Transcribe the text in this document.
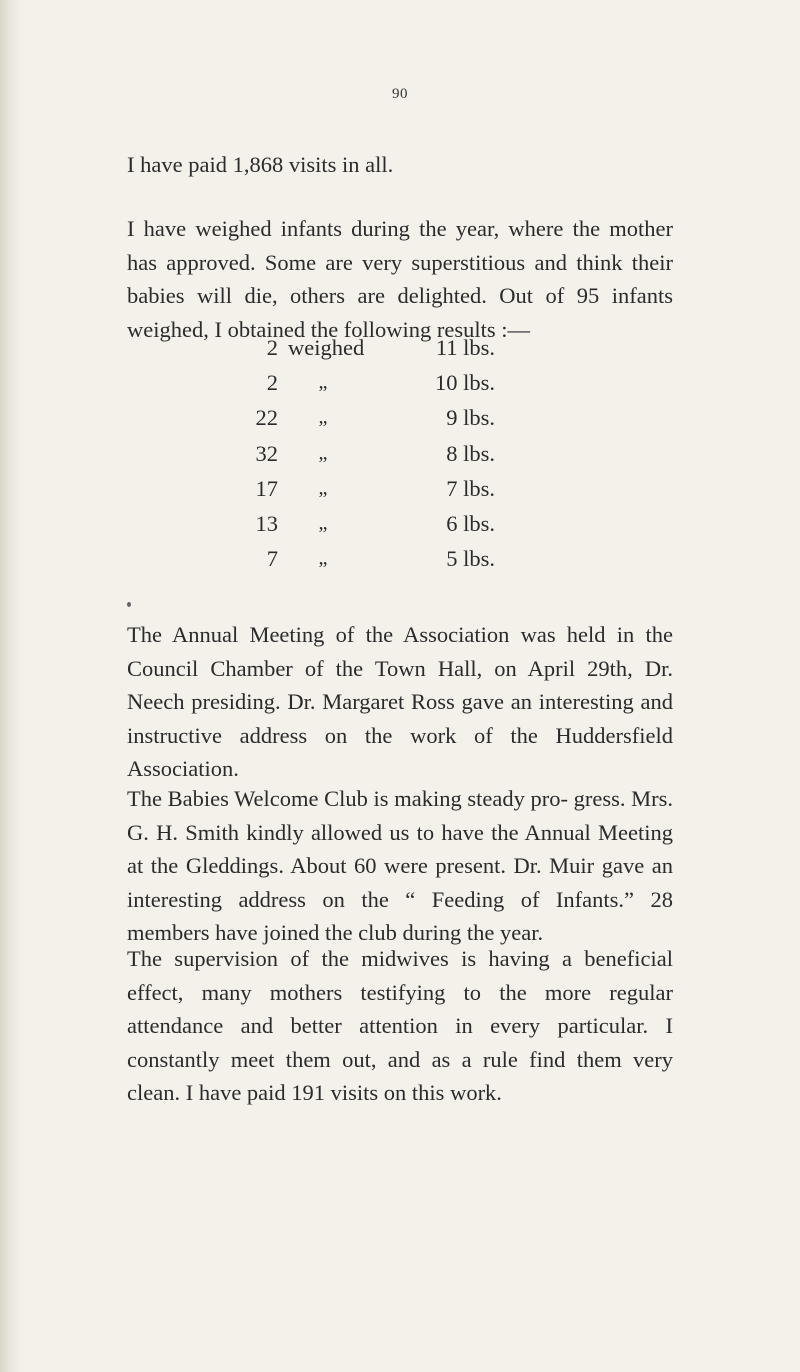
90

I have paid 1,868 visits in all.

I have weighed infants during the year, where the mother has approved. Some are very superstitious and think their babies will die, others are delighted. Out of 95 infants weighed, I obtained the following results :—

2 weighed	11 lbs.
2	„	10 lbs.
22	„	9 lbs.
32	„	8 lbs.
17	„	7 lbs.
13	„	6 lbs.
7	„	5 lbs.

The Annual Meeting of the Association was held in the Council Chamber of the Town Hall, on April 29th, Dr. Neech presiding. Dr. Margaret Ross gave an interesting and instructive address on the work of the Huddersfield Association.

The Babies Welcome Club is making steady pro- gress. Mrs. G. H. Smith kindly allowed us to have the Annual Meeting at the Gleddings. About 60 were present. Dr. Muir gave an interesting address on the “ Feeding of Infants.” 28 members have joined the club during the year.

The supervision of the midwives is having a beneficial effect, many mothers testifying to the more regular attendance and better attention in every particular. I constantly meet them out, and as a rule find them very clean. I have paid 191 visits on this work.
